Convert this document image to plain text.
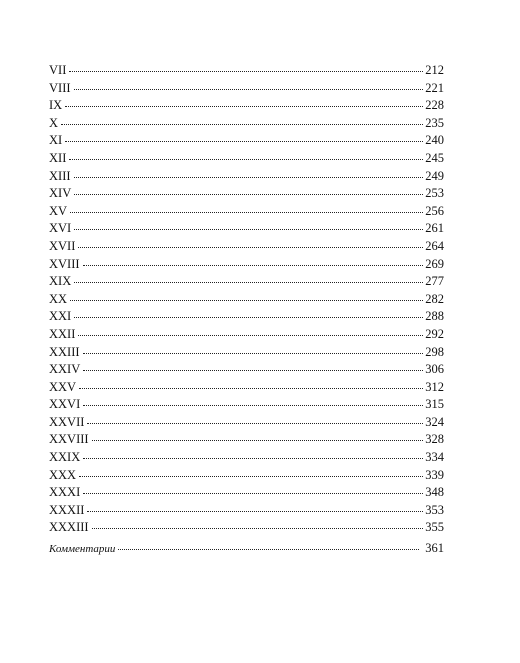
VII	212
VIII	221
IX	228
X	235
XI	240
XII	245
XIII	249
XIV	253
XV	256
XVI	261
XVII	264
XVIII	269
XIX	277
XX	282
XXI	288
XXII	292
XXIII	298
XXIV	306
XXV	312
XXVI	315
XXVII	324
XXVIII	328
XXIX	334
XXX	339
XXXI	348
XXXII	353
XXXIII	355
Комментарии	361
